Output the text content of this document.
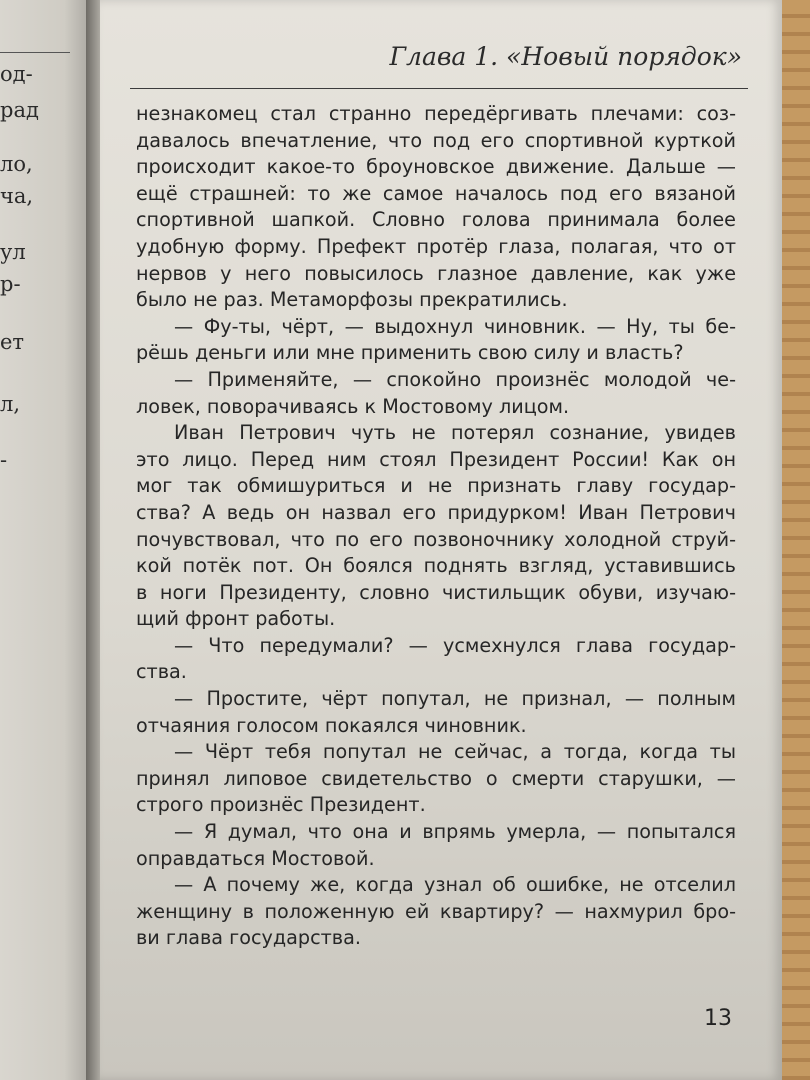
од-
рад
ло,
ча,
ул
р-
ет
л,
-
Глава 1. «Новый порядок»
незнакомец стал странно передёргивать плечами: соз-
давалось впечатление, что под его спортивной курткой
происходит какое-то броуновское движение. Дальше —
ещё страшней: то же самое началось под его вязаной
спортивной шапкой. Словно голова принимала более
удобную форму. Префект протёр глаза, полагая, что от
нервов у него повысилось глазное давление, как уже
было не раз. Метаморфозы прекратились.
— Фу-ты, чёрт, — выдохнул чиновник. — Ну, ты бе-
рёшь деньги или мне применить свою силу и власть?
— Применяйте, — спокойно произнёс молодой че-
ловек, поворачиваясь к Мостовому лицом.
Иван Петрович чуть не потерял сознание, увидев
это лицо. Перед ним стоял Президент России! Как он
мог так обмишуриться и не признать главу государ-
ства? А ведь он назвал его придурком! Иван Петрович
почувствовал, что по его позвоночнику холодной струй-
кой потёк пот. Он боялся поднять взгляд, уставившись
в ноги Президенту, словно чистильщик обуви, изучаю-
щий фронт работы.
— Что передумали? — усмехнулся глава государ-
ства.
— Простите, чёрт попутал, не признал, — полным
отчаяния голосом покаялся чиновник.
— Чёрт тебя попутал не сейчас, а тогда, когда ты
принял липовое свидетельство о смерти старушки, —
строго произнёс Президент.
— Я думал, что она и впрямь умерла, — попытался
оправдаться Мостовой.
— А почему же, когда узнал об ошибке, не отселил
женщину в положенную ей квартиру? — нахмурил бро-
ви глава государства.
13
